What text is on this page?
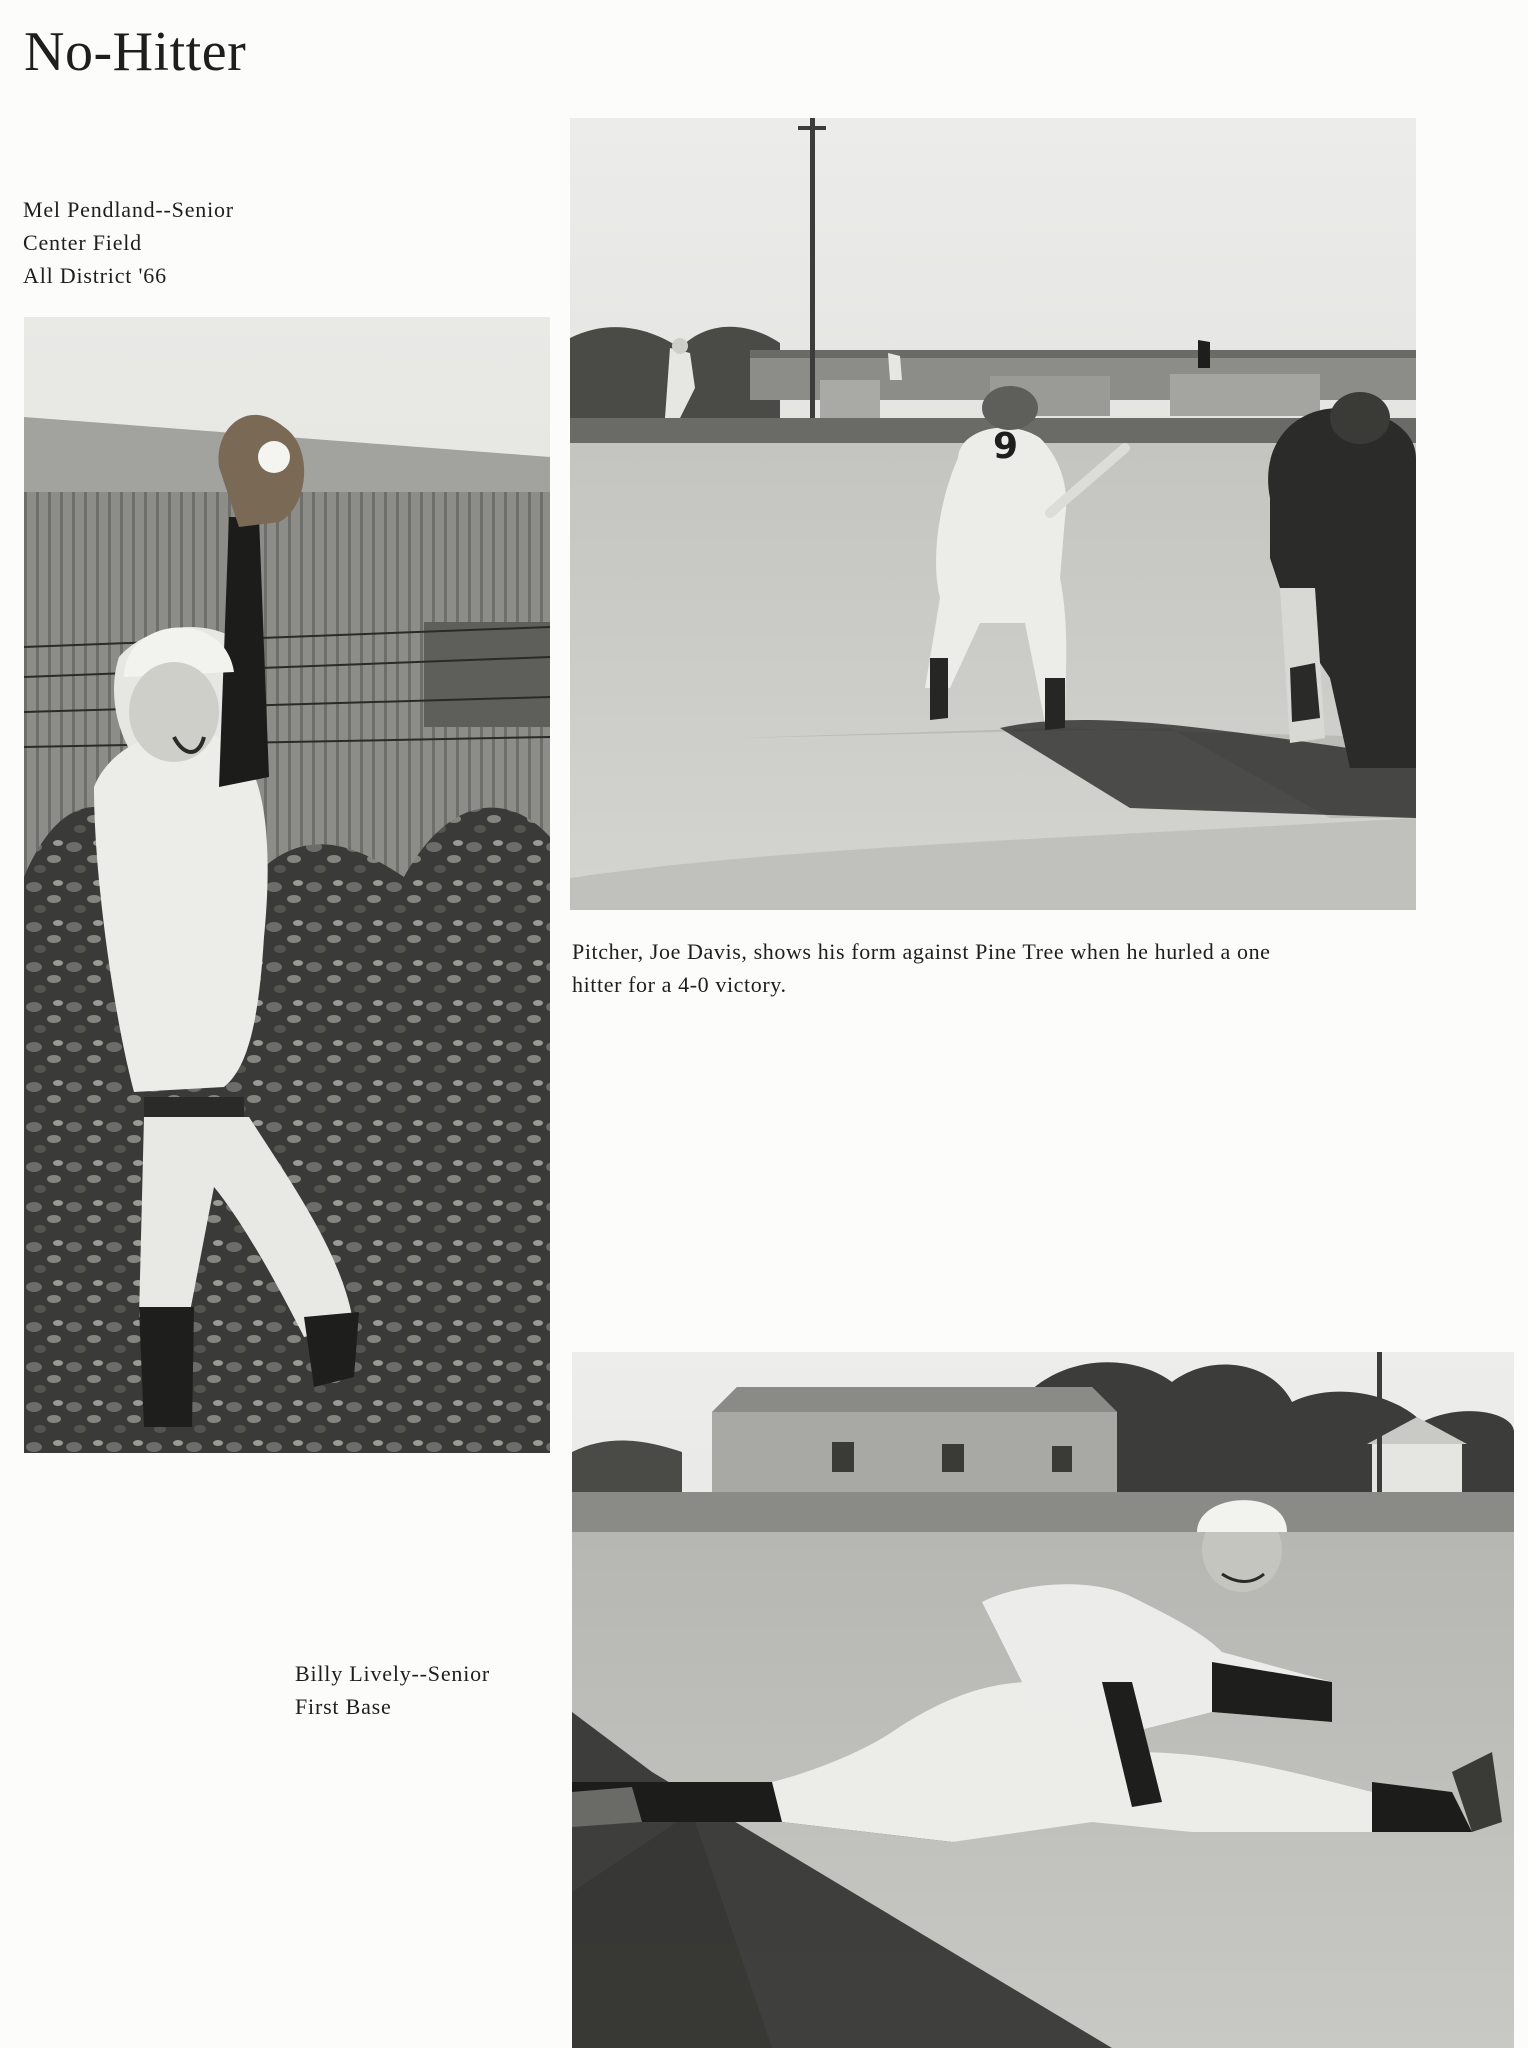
No-Hitter
Mel Pendland--Senior
Center Field
All District '66
9
Pitcher, Joe Davis, shows his form against Pine Tree when he hurled a one
hitter for a 4-0 victory.
Billy Lively--Senior
First Base
